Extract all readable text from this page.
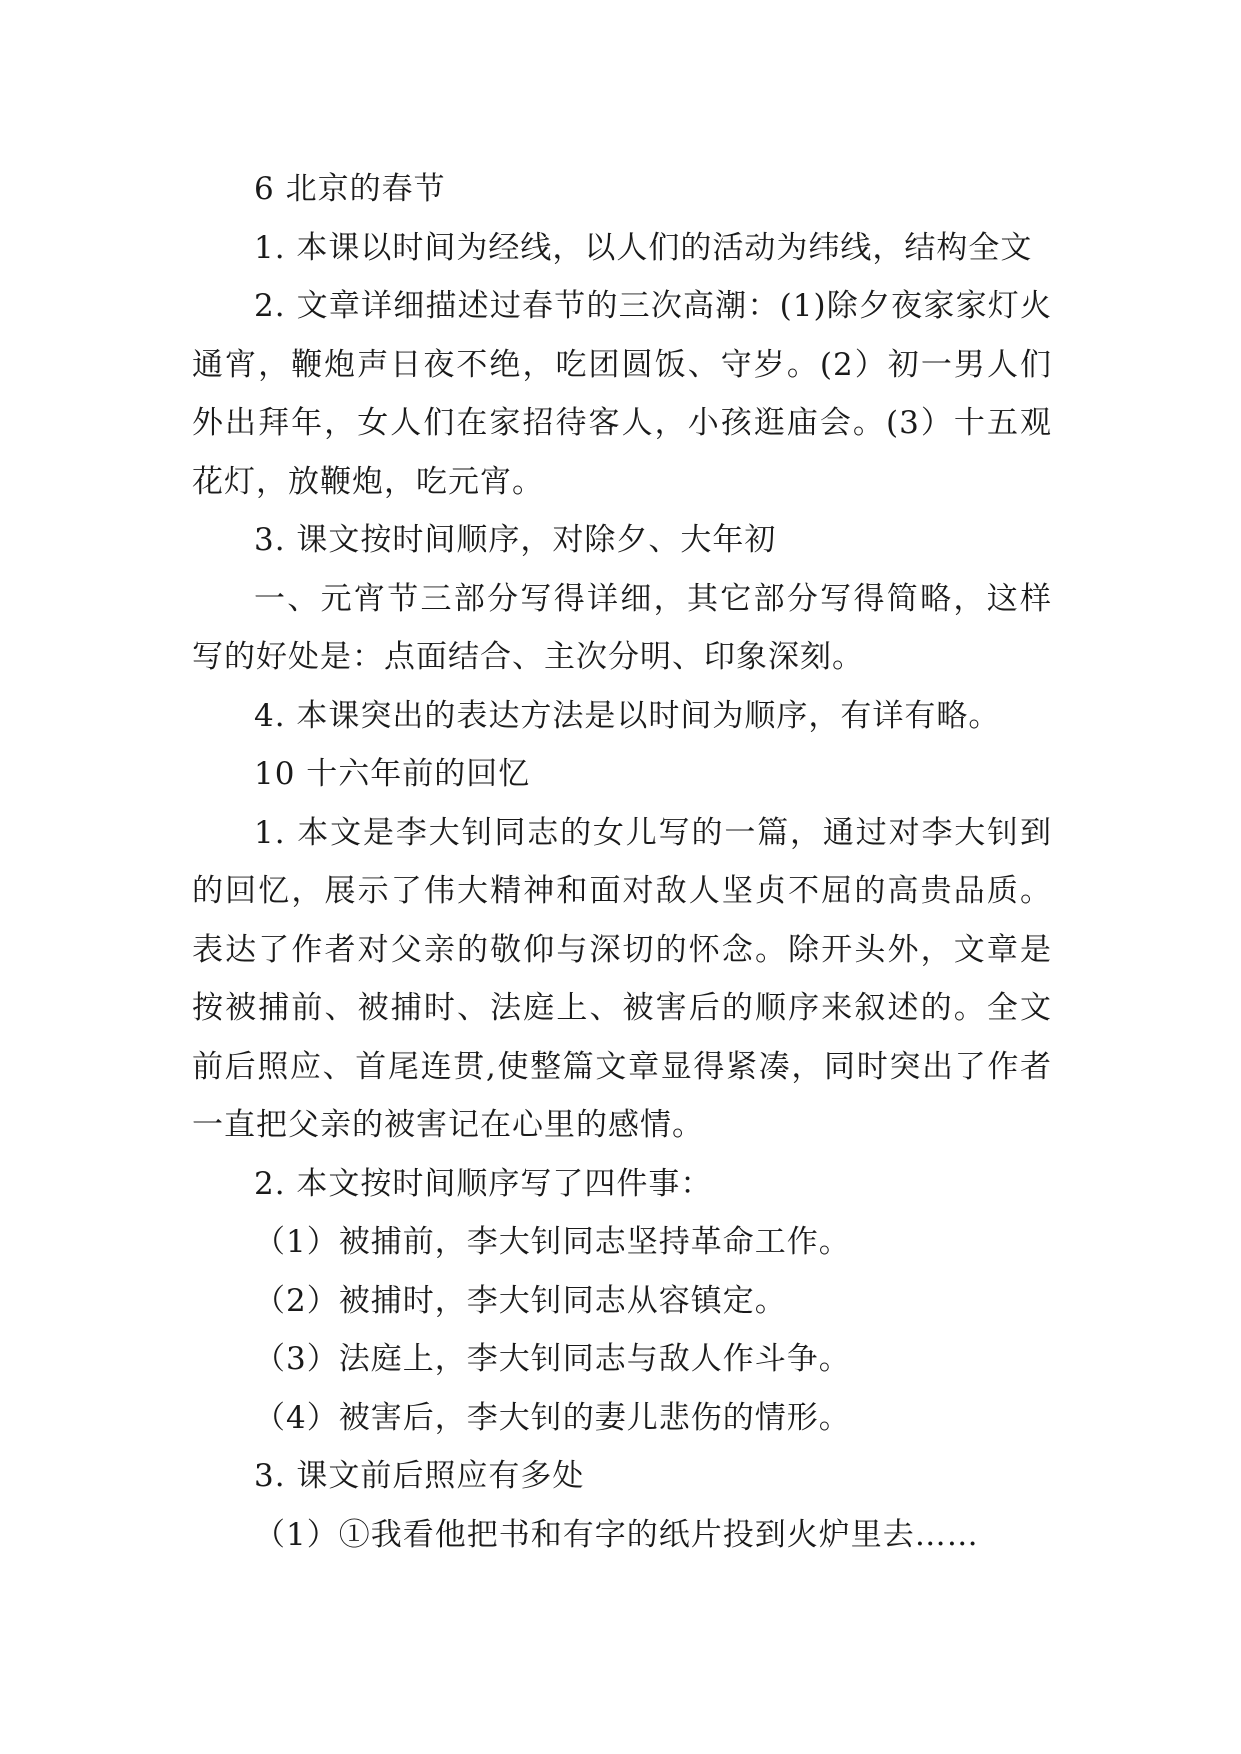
6 北京的春节

1. 本课以时间为经线，以人们的活动为纬线，结构全文

2. 文章详细描述过春节的三次高潮：(1)除夕夜家家灯火通宵，鞭炮声日夜不绝，吃团圆饭、守岁。(2）初一男人们外出拜年，女人们在家招待客人，小孩逛庙会。(3）十五观花灯，放鞭炮，吃元宵。

3. 课文按时间顺序，对除夕、大年初

一、元宵节三部分写得详细，其它部分写得简略，这样写的好处是：点面结合、主次分明、印象深刻。

4. 本课突出的表达方法是以时间为顺序，有详有略。

10 十六年前的回忆

1. 本文是李大钊同志的女儿写的一篇，通过对李大钊到的回忆，展示了伟大精神和面对敌人坚贞不屈的高贵品质。表达了作者对父亲的敬仰与深切的怀念。除开头外，文章是按被捕前、被捕时、法庭上、被害后的顺序来叙述的。全文前后照应、首尾连贯,使整篇文章显得紧凑，同时突出了作者一直把父亲的被害记在心里的感情。

2. 本文按时间顺序写了四件事：

（1）被捕前，李大钊同志坚持革命工作。

（2）被捕时，李大钊同志从容镇定。

（3）法庭上，李大钊同志与敌人作斗争。

（4）被害后，李大钊的妻儿悲伤的情形。

3. 课文前后照应有多处

（1）①我看他把书和有字的纸片投到火炉里去……
